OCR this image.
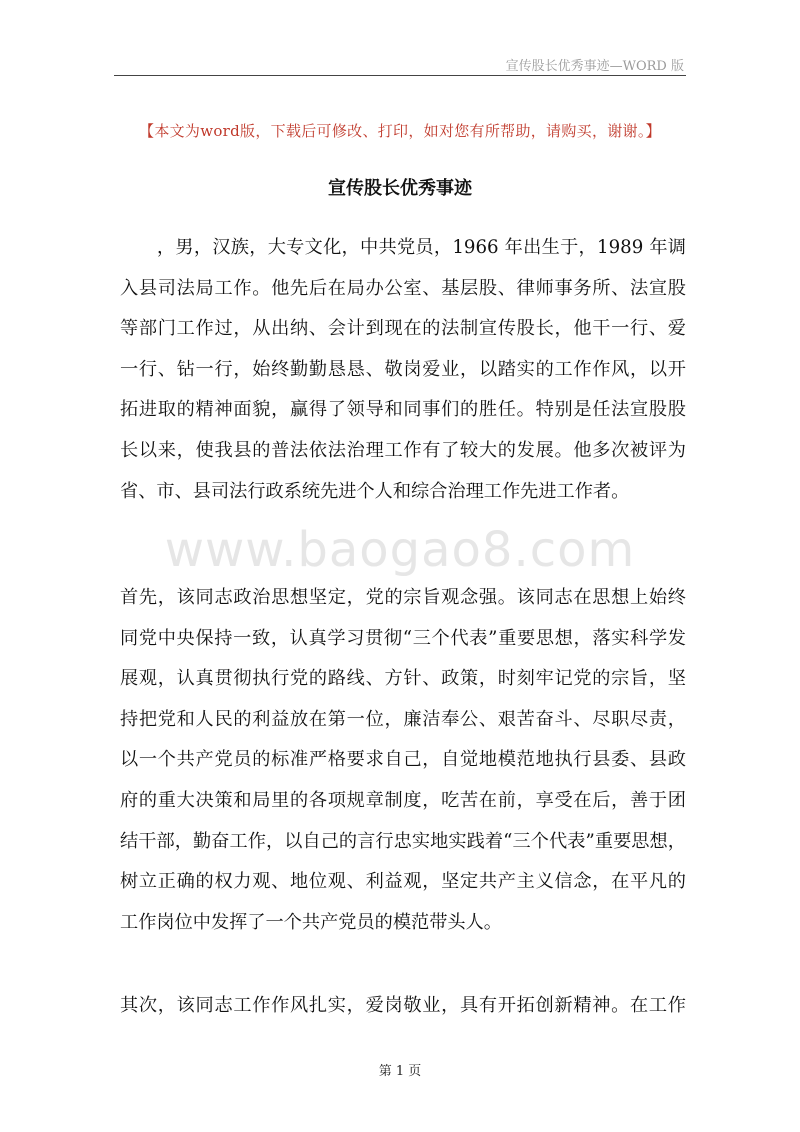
宣传股长优秀事迹—WORD 版
【本文为word版，下载后可修改、打印，如对您有所帮助，请购买，谢谢。】
宣传股长优秀事迹
www.baogao8.com
　　，男，汉族，大专文化，中共党员，1966 年出生于，1989 年调
入县司法局工作。他先后在局办公室、基层股、律师事务所、法宣股
等部门工作过，从出纳、会计到现在的法制宣传股长，他干一行、爱
一行、钻一行，始终勤勤恳恳、敬岗爱业，以踏实的工作作风，以开
拓进取的精神面貌，赢得了领导和同事们的胜任。特别是任法宣股股
长以来，使我县的普法依法治理工作有了较大的发展。他多次被评为
省、市、县司法行政系统先进个人和综合治理工作先进工作者。
首先，该同志政治思想坚定，党的宗旨观念强。该同志在思想上始终
同党中央保持一致，认真学习贯彻“三个代表”重要思想，落实科学发
展观，认真贯彻执行党的路线、方针、政策，时刻牢记党的宗旨，坚
持把党和人民的利益放在第一位，廉洁奉公、艰苦奋斗、尽职尽责，
以一个共产党员的标准严格要求自己，自觉地模范地执行县委、县政
府的重大决策和局里的各项规章制度，吃苦在前，享受在后，善于团
结干部，勤奋工作，以自己的言行忠实地实践着“三个代表”重要思想，
树立正确的权力观、地位观、利益观，坚定共产主义信念，在平凡的
工作岗位中发挥了一个共产党员的模范带头人。
其次，该同志工作作风扎实，爱岗敬业，具有开拓创新精神。在工作
第 1 页
